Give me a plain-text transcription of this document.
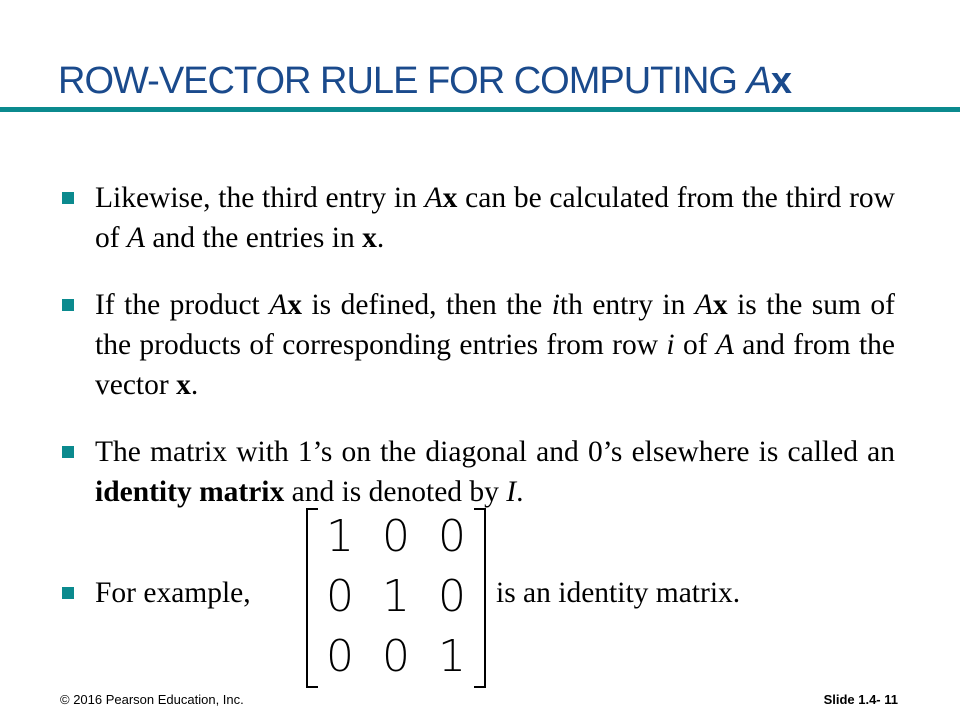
ROW-VECTOR RULE FOR COMPUTING Ax
Likewise, the third entry in Ax can be calculated from the third row of A and the entries in x.
If the product Ax is defined, then the ith entry in Ax is the sum of the products of corresponding entries from row i of A and from the vector x.
The matrix with 1’s on the diagonal and 0’s elsewhere is called an identity matrix and is denoted by I.
For example,
1 0 0
0 1 0
0 0 1
is an identity matrix.
© 2016 Pearson Education, Inc.	Slide 1.4- 11
